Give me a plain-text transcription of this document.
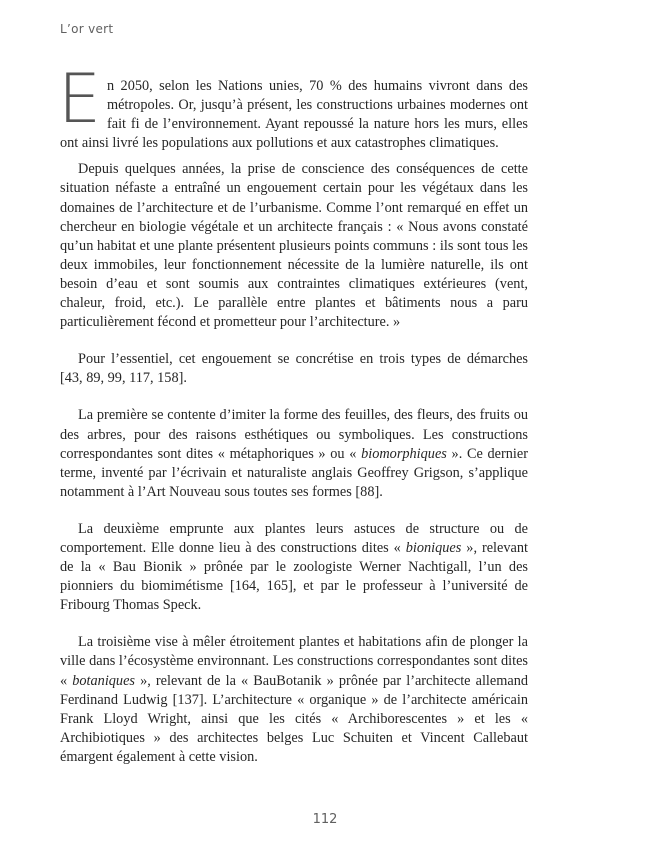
L’or vert

En 2050, selon les Nations unies, 70 % des humains vivront dans des métropoles. Or, jusqu’à présent, les constructions urbaines modernes ont fait fi de l’environnement. Ayant repoussé la nature hors les murs, elles ont ainsi livré les populations aux pollutions et aux catastrophes climatiques.

Depuis quelques années, la prise de conscience des conséquences de cette situation néfaste a entraîné un engouement certain pour les végétaux dans les domaines de l’architecture et de l’urbanisme. Comme l’ont remarqué en effet un chercheur en biologie végétale et un architecte français : « Nous avons constaté qu’un habitat et une plante présentent plusieurs points communs : ils sont tous les deux immobiles, leur fonctionnement nécessite de la lumière naturelle, ils ont besoin d’eau et sont soumis aux contraintes climatiques extérieures (vent, chaleur, froid, etc.). Le parallèle entre plantes et bâtiments nous a paru particulièrement fécond et prometteur pour l’architecture. »

Pour l’essentiel, cet engouement se concrétise en trois types de démarches [43, 89, 99, 117, 158].

La première se contente d’imiter la forme des feuilles, des fleurs, des fruits ou des arbres, pour des raisons esthétiques ou symboliques. Les constructions correspondantes sont dites « métaphoriques » ou « biomorphiques ». Ce dernier terme, inventé par l’écrivain et naturaliste anglais Geoffrey Grigson, s’applique notamment à l’Art Nouveau sous toutes ses formes [88].

La deuxième emprunte aux plantes leurs astuces de structure ou de comportement. Elle donne lieu à des constructions dites « bioniques », relevant de la « Bau Bionik » prônée par le zoologiste Werner Nachtigall, l’un des pionniers du biomimétisme [164, 165], et par le professeur à l’université de Fribourg Thomas Speck.

La troisième vise à mêler étroitement plantes et habitations afin de plonger la ville dans l’écosystème environnant. Les constructions correspondantes sont dites « botaniques », relevant de la « BauBotanik » prônée par l’architecte allemand Ferdinand Ludwig [137]. L’architecture « organique » de l’architecte américain Frank Lloyd Wright, ainsi que les cités « Archiborescentes » et les « Archibiotiques » des architectes belges Luc Schuiten et Vincent Callebaut émargent également à cette vision.

112
